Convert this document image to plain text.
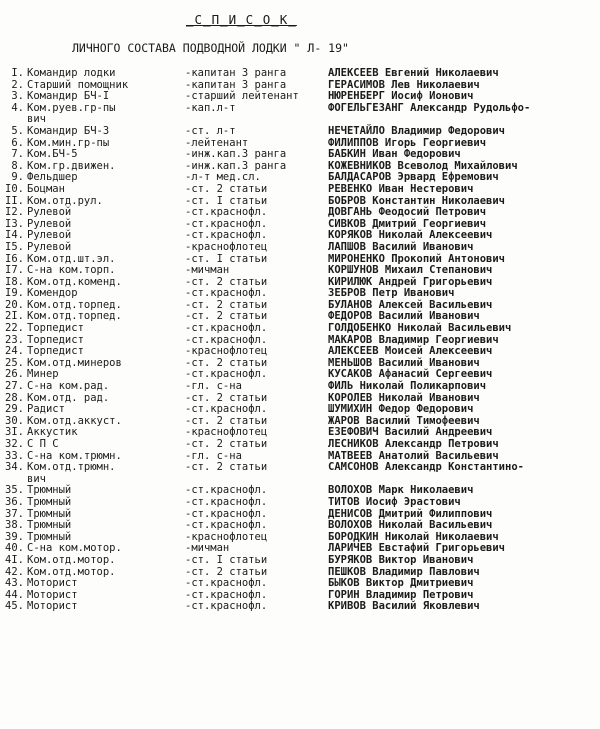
_С_П_И_С_О_К_
ЛИЧНОГО СОСТАВА ПОДВОДНОЙ ЛОДКИ " Л- 19"
I. Командир лодки	-капитан 3 ранга	АЛЕКСЕЕВ Евгений Николаевич
2. Старший помощник	-капитан 3 ранга	ГЕРАСИМОВ Лев Николаевич
3. Командир БЧ-I	-старший лейтенант	НЮРЕНБЕРГ Иосиф Ионович
4. Ком.руев.гр-пы	-кап.л-т	ФОГЕЛЬГЕЗАНГ Александр Рудольфо-
вич
5. Командир БЧ-3	-ст. л-т	НЕЧЕТАЙЛО Владимир Федорович
6. Ком.мин.гр-пы	-лейтенант	ФИЛИППОВ Игорь Георгиевич
7. Ком.БЧ-5	-инж.кап.3 ранга	БАБКИН Иван Федорович
8. Ком.гр.движен.	-инж.кап.3 ранга	КОЖЕВНИКОВ Всеволод Михайлович
9. Фельдшер	-л-т мед.сл.	БАЛДАСАРОВ Эрвард Ефремович
I0. Боцман	-ст. 2 статьи	РЕВЕНКО Иван Нестерович
II. Ком.отд.рул.	-ст. I статьи	БОБРОВ Константин Николаевич
I2. Рулевой	-ст.краснофл.	ДОВГАНЬ Феодосий Петрович
I3. Рулевой	-ст.краснофл.	СИВКОВ Дмитрий Георгиевич
I4. Рулевой	-ст.краснофл.	КОРЯКОВ Николай Алексеевич
I5. Рулевой	-краснофлотец	ЛАПШОВ Василий Иванович
I6. Ком.отд.шт.эл.	-ст. I статьи	МИРОНЕНКО Прокопий Антонович
I7. С-на ком.торп.	-мичман	КОРШУНОВ Михаил Степанович
I8. Ком.отд.коменд.	-ст. 2 статьи	КИРИЛЮК Андрей Григорьевич
I9. Комендор	-ст.краснофл.	ЗЕБРОВ Петр Иванович
20. Ком.отд.торпед.	-ст. 2 статьи	БУЛАНОВ Алексей Васильевич
2I. Ком.отд.торпед.	-ст. 2 статьи	ФЕДОРОВ Василий Иванович
22. Торпедист	-ст.краснофл.	ГОЛДОБЕНКО Николай Васильевич
23. Торпедист	-ст.краснофл.	МАКАРОВ Владимир Георгиевич
24. Торпедист	-краснофлотец	АЛЕКСЕЕВ Моисей Алексеевич
25. Ком.отд.минеров	-ст. 2 статьи	МЕНЬШОВ Василий Иванович
26. Минер	-ст.краснофл.	КУСАКОВ Афанасий Сергеевич
27. С-на ком.рад.	-гл. с-на	ФИЛЬ Николай Поликарпович
28. Ком.отд. рад.	-ст. 2 статьи	КОРОЛЕВ Николай Иванович
29. Радист	-ст.краснофл.	ШУМИХИН Федор Федорович
30. Ком.отд.аккуст.	-ст. 2 статьи	ЖАРОВ Василий Тимофеевич
3I. Аккустик	-краснофлотец	ЕЗЕФОВИЧ Василий Андреевич
32. С П С	-ст. 2 статьи	ЛЕСНИКОВ Александр Петрович
33. С-на ком.трюмн.	-гл. с-на	МАТВЕЕВ Анатолий Васильевич
34. Ком.отд.трюмн.	-ст. 2 статьи	САМСОНОВ Александр Константино-
вич
35. Трюмный	-ст.краснофл.	ВОЛОХОВ Марк Николаевич
36. Трюмный	-ст.краснофл.	ТИТОВ Иосиф Эрастович
37. Трюмный	-ст.краснофл.	ДЕНИСОВ Дмитрий Филиппович
38. Трюмный	-ст.краснофл.	ВОЛОХОВ Николай Васильевич
39. Трюмный	-краснофлотец	БОРОДКИН Николай Николаевич
40. С-на ком.мотор.	-мичман	ЛАРИЧЕВ Евстафий Григорьевич
4I. Ком.отд.мотор.	-ст. I статьи	БУРЯКОВ Виктор Иванович
42. Ком.отд.мотор.	-ст. 2 статьи	ПЕШКОВ Владимир Павлович
43. Моторист	-ст.краснофл.	БЫКОВ Виктор Дмитриевич
44. Моторист	-ст.краснофл.	ГОРИН Владимир Петрович
45. Моторист	-ст.краснофл.	КРИВОВ Василий Яковлевич
